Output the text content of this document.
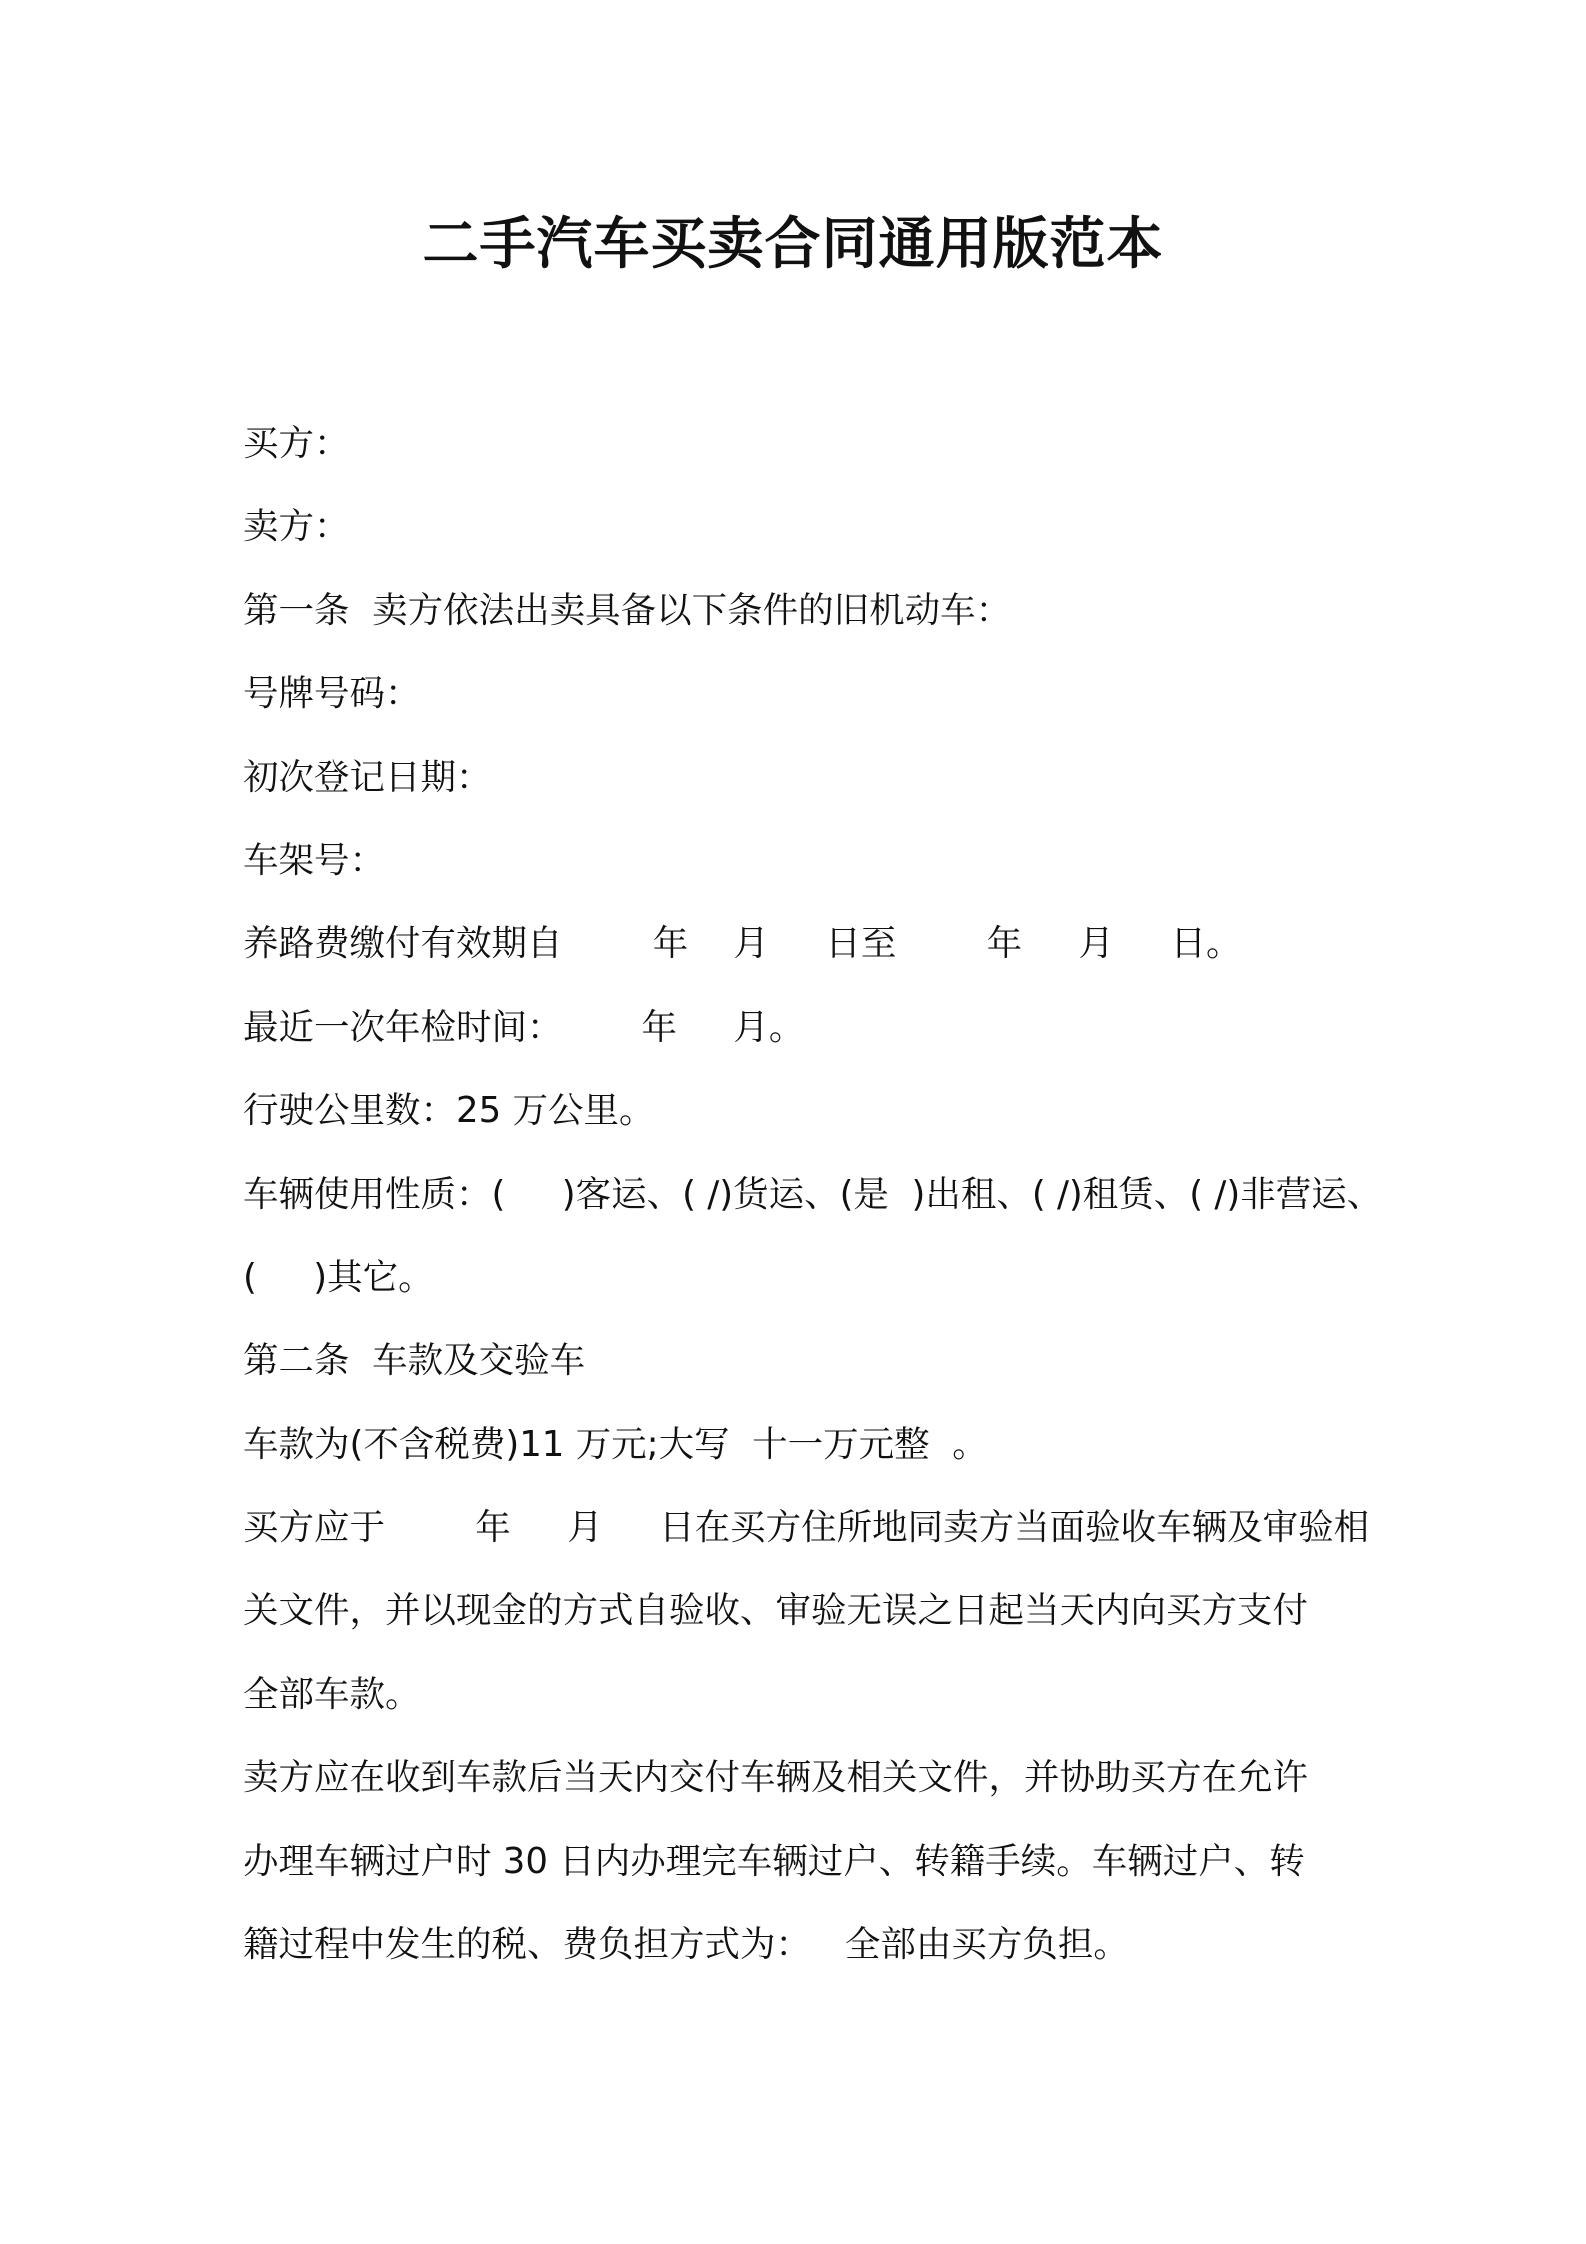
二手汽车买卖合同通用版范本
买方：
卖方：
第一条  卖方依法出卖具备以下条件的旧机动车：
号牌号码：
初次登记日期：
车架号：
养路费缴付有效期自        年    月     日至        年     月     日。
最近一次年检时间：       年     月。
行驶公里数：25 万公里。
车辆使用性质：(     )客运、( /)货运、(是  )出租、( /)租赁、( /)非营运、
(     )其它。
第二条  车款及交验车
车款为(不含税费)11 万元;大写  十一万元整  。
买方应于        年     月     日在买方住所地同卖方当面验收车辆及审验相
关文件，并以现金的方式自验收、审验无误之日起当天内向买方支付
全部车款。
卖方应在收到车款后当天内交付车辆及相关文件，并协助买方在允许
办理车辆过户时 30 日内办理完车辆过户、转籍手续。车辆过户、转
籍过程中发生的税、费负担方式为：   全部由买方负担。
